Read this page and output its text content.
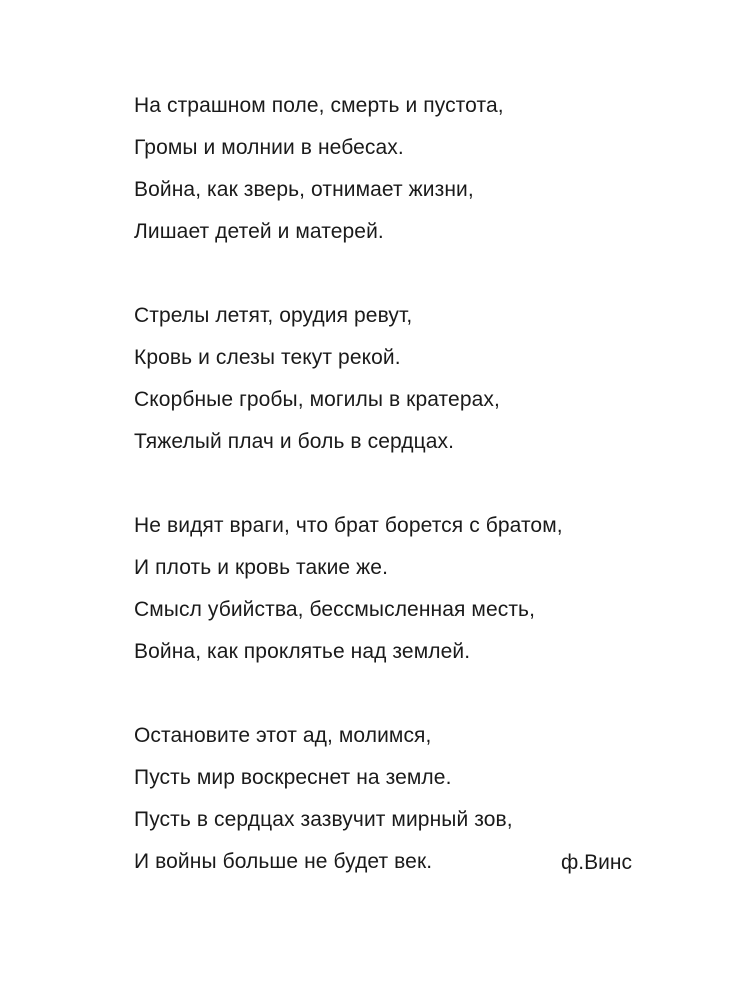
На страшном поле, смерть и пустота,
Громы и молнии в небесах.
Война, как зверь, отнимает жизни,
Лишает детей и матерей.
Стрелы летят, орудия ревут,
Кровь и слезы текут рекой.
Скорбные гробы, могилы в кратерах,
Тяжелый плач и боль в сердцах.
Не видят враги, что брат борется с братом,
И плоть и кровь такие же.
Смысл убийства, бессмысленная месть,
Война, как проклятье над землей.
Остановите этот ад, молимся,
Пусть мир воскреснет на земле.
Пусть в сердцах зазвучит мирный зов,
И войны больше не будет век.	ф.Винс
